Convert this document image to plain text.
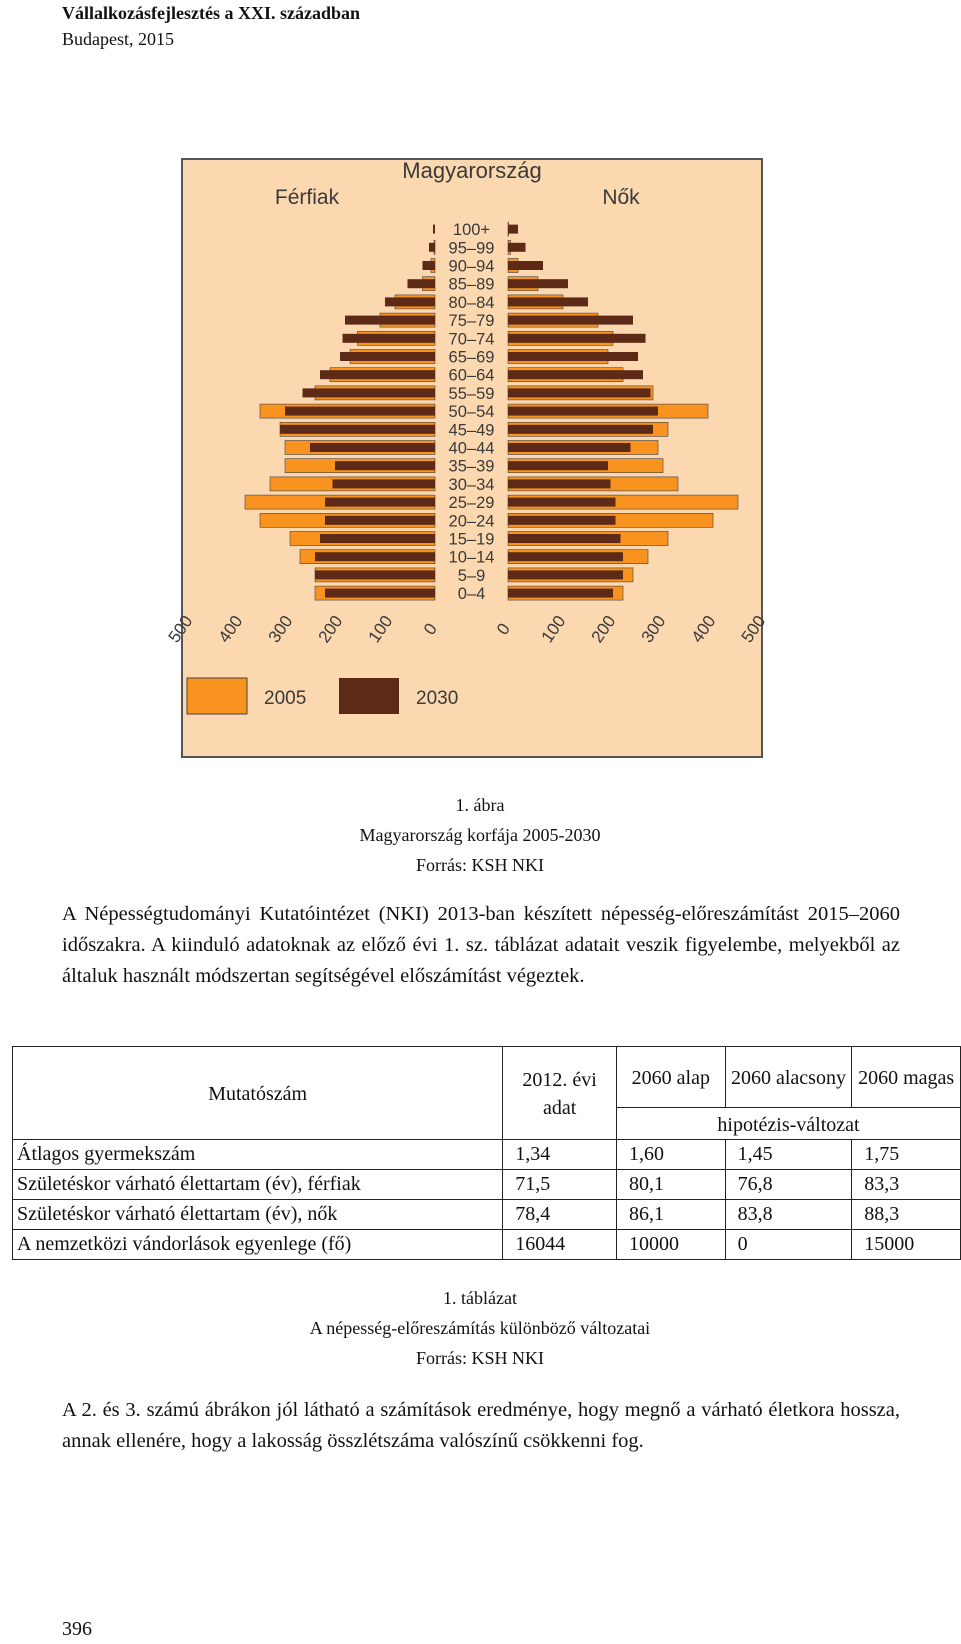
Vállalkozásfejlesztés a XXI. században
Budapest, 2015
Magyarország
Férfiak	Nők
100+
95–99
90–94
85–89
80–84
75–79
70–74
65–69
60–64
55–59
50–54
45–49
40–44
35–39
30–34
25–29
20–24
15–19
10–14
5–9
0–4
500 400 300 200 100 0	0 100 200 300 400 500
2005	2030
1. ábra
Magyarország korfája 2005-2030
Forrás: KSH NKI
A Népességtudományi Kutatóintézet (NKI) 2013-ban készített népesség-előreszámítást 2015–2060 időszakra. A kiinduló adatoknak az előző évi 1. sz. táblázat adatait veszik figyelembe, melyekből az általuk használt módszertan segítségével előszámítást végeztek.
Mutatószám	2012. évi adat	2060 alap	2060 alacsony	2060 magas
		hipotézis-változat		
Átlagos gyermekszám	1,34	1,60	1,45	1,75
Születéskor várható élettartam (év), férfiak	71,5	80,1	76,8	83,3
Születéskor várható élettartam (év), nők	78,4	86,1	83,8	88,3
A nemzetközi vándorlások egyenlege (fő)	16044	10000	0	15000
1. táblázat
A népesség-előreszámítás különböző változatai
Forrás: KSH NKI
A 2. és 3. számú ábrákon jól látható a számítások eredménye, hogy megnő a várható életkora hossza, annak ellenére, hogy a lakosság összlétszáma valószínű csökkenni fog.
396
